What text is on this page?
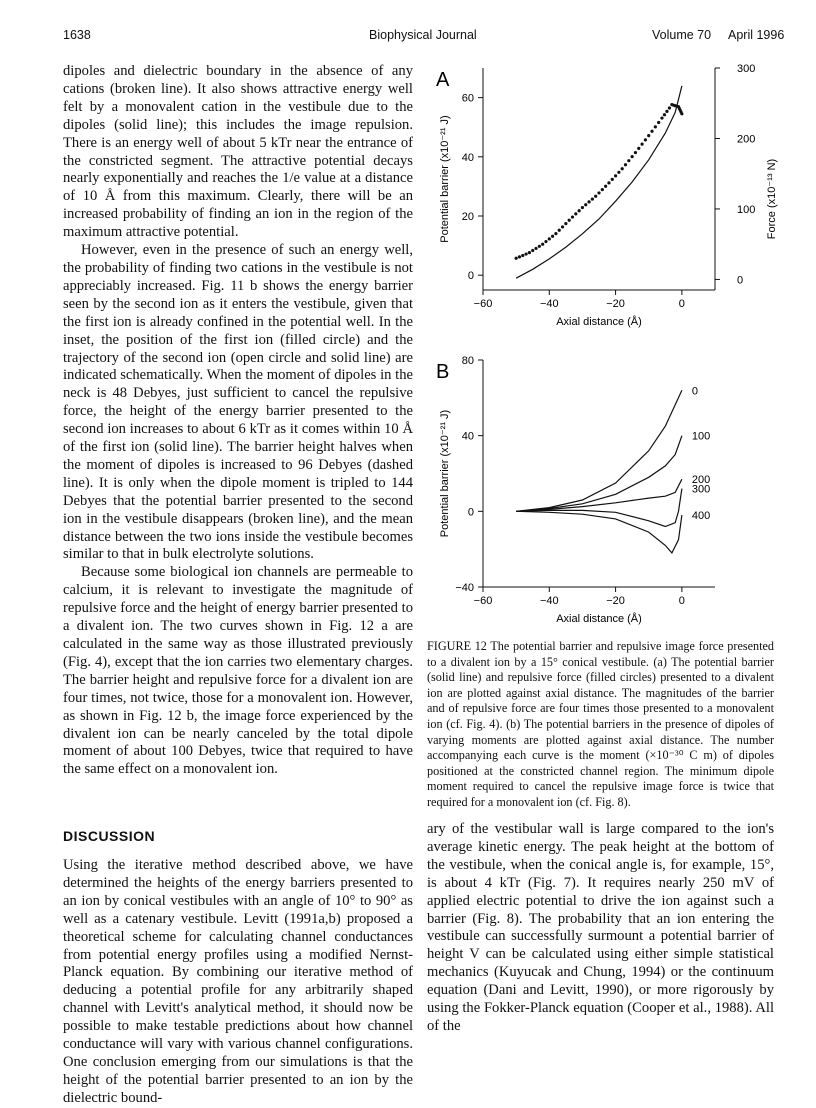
1638	Biophysical Journal	Volume 70 April 1996

dipoles and dielectric boundary in the absence of any cations (broken line). It also shows attractive energy well felt by a monovalent cation in the vestibule due to the dipoles (solid line); this includes the image repulsion. There is an energy well of about 5 kTr near the entrance of the constricted segment. The attractive potential decays nearly exponentially and reaches the 1/e value at a distance of 10 Å from this maximum. Clearly, there will be an increased probability of finding an ion in the region of the maximum attractive potential.

However, even in the presence of such an energy well, the probability of finding two cations in the vestibule is not appreciably increased. Fig. 11 b shows the energy barrier seen by the second ion as it enters the vestibule, given that the first ion is already confined in the potential well. In the inset, the position of the first ion (filled circle) and the trajectory of the second ion (open circle and solid line) are indicated schematically. When the moment of dipoles in the neck is 48 Debyes, just sufficient to cancel the repulsive force, the height of the energy barrier presented to the second ion increases to about 6 kTr as it comes within 10 Å of the first ion (solid line). The barrier height halves when the moment of dipoles is increased to 96 Debyes (dashed line). It is only when the dipole moment is tripled to 144 Debyes that the potential barrier presented to the second ion in the vestibule disappears (broken line), and the mean distance between the two ions inside the vestibule becomes similar to that in bulk electrolyte solutions.

Because some biological ion channels are permeable to calcium, it is relevant to investigate the magnitude of repulsive force and the height of energy barrier presented to a divalent ion. The two curves shown in Fig. 12 a are calculated in the same way as those illustrated previously (Fig. 4), except that the ion carries two elementary charges. The barrier height and repulsive force for a divalent ion are four times, not twice, those for a monovalent ion. However, as shown in Fig. 12 b, the image force experienced by the divalent ion can be nearly canceled by the total dipole moment of about 100 Debyes, twice that required to have the same effect on a monovalent ion.

DISCUSSION

Using the iterative method described above, we have determined the heights of the energy barriers presented to an ion by conical vestibules with an angle of 10° to 90° as well as a catenary vestibule. Levitt (1991a,b) proposed a theoretical scheme for calculating channel conductances from potential energy profiles using a modified Nernst-Planck equation. By combining our iterative method of deducing a potential profile for any arbitrarily shaped channel with Levitt's analytical method, it should now be possible to make testable predictions about how channel conductance will vary with various channel configurations. One conclusion emerging from our simulations is that the height of the potential barrier presented to an ion by the dielectric bound-

A
−60	−40	−20	0
0
20
40
60
Axial distance (Å)
Potential barrier (x10⁻²¹ J)
0
100
200
300
Force (x10⁻¹³ N)
B
−60	−40	−20	0
−40
0
40
80
Axial distance (Å)
Potential barrier (x10⁻²¹ J)
0
100
200
300
400
FIGURE 12 The potential barrier and repulsive image force presented to a divalent ion by a 15° conical vestibule. (a) The potential barrier (solid line) and repulsive force (filled circles) presented to a divalent ion are plotted against axial distance. The magnitudes of the barrier and of repulsive force are four times those presented to a monovalent ion (cf. Fig. 4). (b) The potential barriers in the presence of dipoles of varying moments are plotted against axial distance. The number accompanying each curve is the moment (×10⁻³⁰ C m) of dipoles positioned at the constricted channel region. The minimum dipole moment required to cancel the repulsive image force is twice that required for a monovalent ion (cf. Fig. 8).

ary of the vestibular wall is large compared to the ion's average kinetic energy. The peak height at the bottom of the vestibule, when the conical angle is, for example, 15°, is about 4 kTr (Fig. 7). It requires nearly 250 mV of applied electric potential to drive the ion against such a barrier (Fig. 8). The probability that an ion entering the vestibule can successfully surmount a potential barrier of height V can be calculated using either simple statistical mechanics (Kuyucak and Chung, 1994) or the continuum equation (Dani and Levitt, 1990), or more rigorously by using the Fokker-Planck equation (Cooper et al., 1988). All of the
